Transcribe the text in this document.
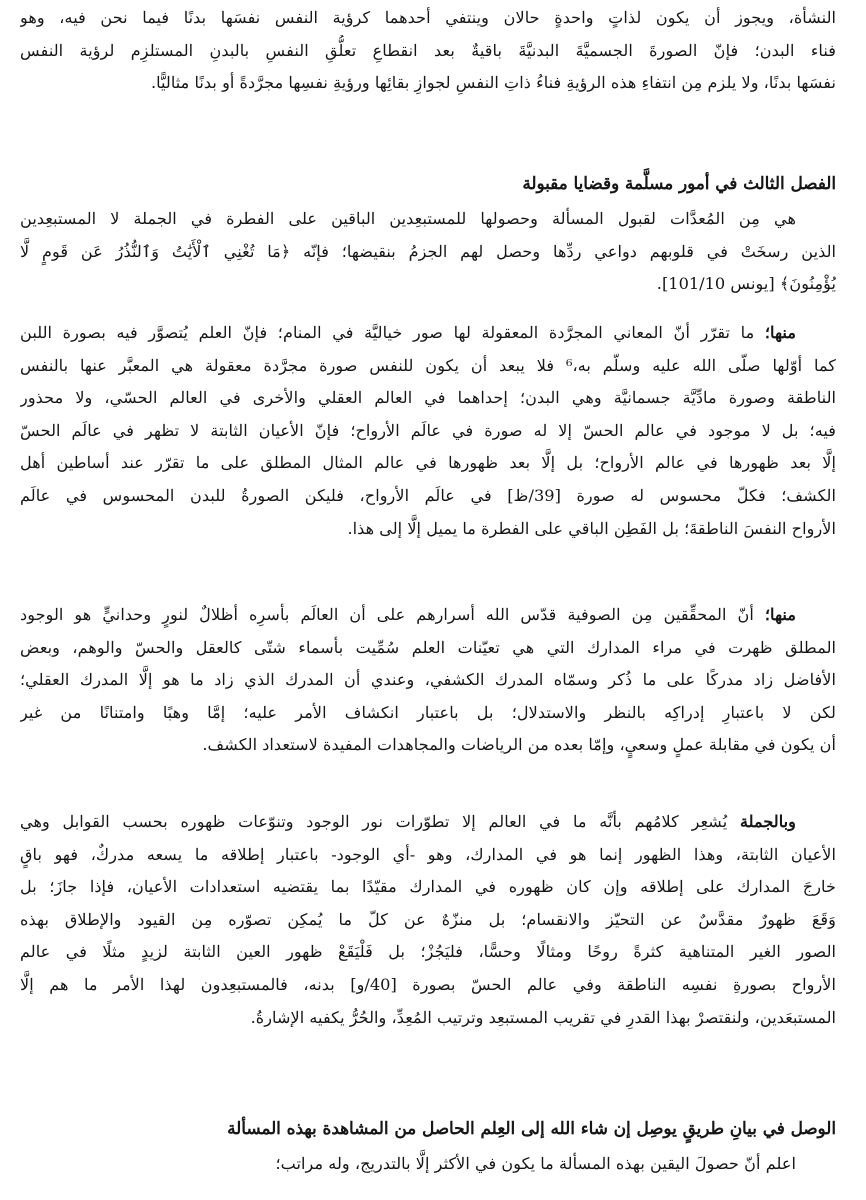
النشأة، ويجوز أن يكون لذاتٍ واحدةٍ حالان وينتفي أحدهما كرؤية النفس نفسَها بدنًا فيما نحن فيه، وهو
فناء البدن؛ فإنّ الصورةَ الجسميَّةَ البدنيَّةَ باقيةٌ بعد انقطاعِ تعلُّقِ النفسِ بالبدنِ المستلزِم لرؤية النفس
نفسَها بدنًا، ولا يلزم مِن انتفاءِ هذه الرؤيةِ فناءُ ذاتِ النفسِ لجوازِ بقائِها ورؤيةِ نفسِها مجرَّدةً أو بدنًا مثاليًّا.
الفصل الثالث في أمور مسلَّمة وقضايا مقبولة
هي مِن المُعدَّات لقبول المسألة وحصولها للمستبعِدين الباقين على الفطرة في الجملة لا المستبعِدين
الذين رسخَتْ في قلوبهم دواعي ردِّها وحصل لهم الجزمُ بنقيضها؛ فإنّه ﴿مَا تُغْنِي ٱلْأَيَٰتُ وَٱلنُّذُرُ عَن قَومٍ لَّا
يُؤْمِنُونَ﴾ [يونس 101/10].
منها؛ ما تقرّر أنّ المعاني المجرَّدة المعقولة لها صور خياليَّة في المنام؛ فإنّ العلم يُتصوَّر فيه بصورة اللبن
كما أوّلها صلّى الله عليه وسلّم به،⁶ فلا يبعد أن يكون للنفس صورة مجرَّدة معقولة هي المعبَّر عنها بالنفس
الناطقة وصورة مادِّيَّة جسمانيَّة وهي البدن؛ إحداهما في العالم العقلي والأخرى في العالم الحسّي، ولا محذور
فيه؛ بل لا موجود في عالم الحسّ إلا له صورة في عالَم الأرواح؛ فإنّ الأعيان الثابتة لا تظهر في عالَم الحسّ
إلَّا بعد ظهورها في عالم الأرواح؛ بل إلَّا بعد ظهورها في عالم المثال المطلق على ما تقرّر عند أساطين أهل
الكشف؛ فكلّ محسوس له صورة [39/ظ] في عالَم الأرواح، فليكن الصورةُ للبدن المحسوس في عالَم
الأرواح النفسَ الناطقةَ؛ بل الفَطِن الباقي على الفطرة ما يميل إلَّا إلى هذا.
منها؛ أنّ المحقِّقين مِن الصوفية قدّس الله أسرارهم على أن العالَم بأسرِه أظلالٌ لنورٍ وحدانيٍّ هو الوجود
المطلق ظهرت في مراء المدارك التي هي تعيّنات العلم سُمِّيت بأسماء شتّى كالعقل والحسّ والوهم، وبعض
الأفاضل زاد مدركًا على ما ذُكر وسمّاه المدرك الكشفي، وعندي أن المدرك الذي زاد ما هو إلَّا المدرك العقلي؛
لكن لا باعتبارِ إدراكِه بالنظر والاستدلال؛ بل باعتبار انكشاف الأمر عليه؛ إمَّا وهبًا وامتنانًا من غير
أن يكون في مقابلة عملٍ وسعيٍ، وإمّا بعده من الرياضات والمجاهدات المفيدة لاستعداد الكشف.
وبالجملة يُشعِر كلامُهم بأنَّه ما في العالم إلا تطوّرات نور الوجود وتنوّعات ظهوره بحسب القوابل وهي
الأعيان الثابتة، وهذا الظهور إنما هو في المدارك، وهو -أي الوجود- باعتبار إطلاقه ما يسعه مدركٌ، فهو باقٍ
خارجَ المدارك على إطلاقه وإن كان ظهوره في المدارك مقيّدًا بما يقتضيه استعدادات الأعيان، فإذا جازَ؛ بل
وَقَعَ ظهورٌ مقدَّسٌ عن التحيّز والانقسام؛ بل منزّهٌ عن كلّ ما يُمكِن تصوّره مِن القيود والإطلاق بهذه
الصور الغير المتناهية كثرةً روحًا ومثالًا وحسًّا، فليَجُزْ؛ بل فَلْيَقَعْ ظهور العين الثابتة لزيدٍ مثلًا في عالم
الأرواح بصورةِ نفسِه الناطقة وفي عالم الحسّ بصورة [40/و] بدنه، فالمستبعِدون لهذا الأمر ما هم إلَّا
المستبعَدين، ولنقتصرْ بهذا القدرِ في تقريب المستبعِد وترتيب المُعِدِّ، والحُرُّ يكفيه الإشارةُ.
الوصل في بيانِ طريقٍ يوصِل إن شاء الله إلى العِلم الحاصل من المشاهدة بهذه المسألة
اعلم أنّ حصولَ اليقين بهذه المسألة ما يكون في الأكثر إلَّا بالتدريج، وله مراتب؛
